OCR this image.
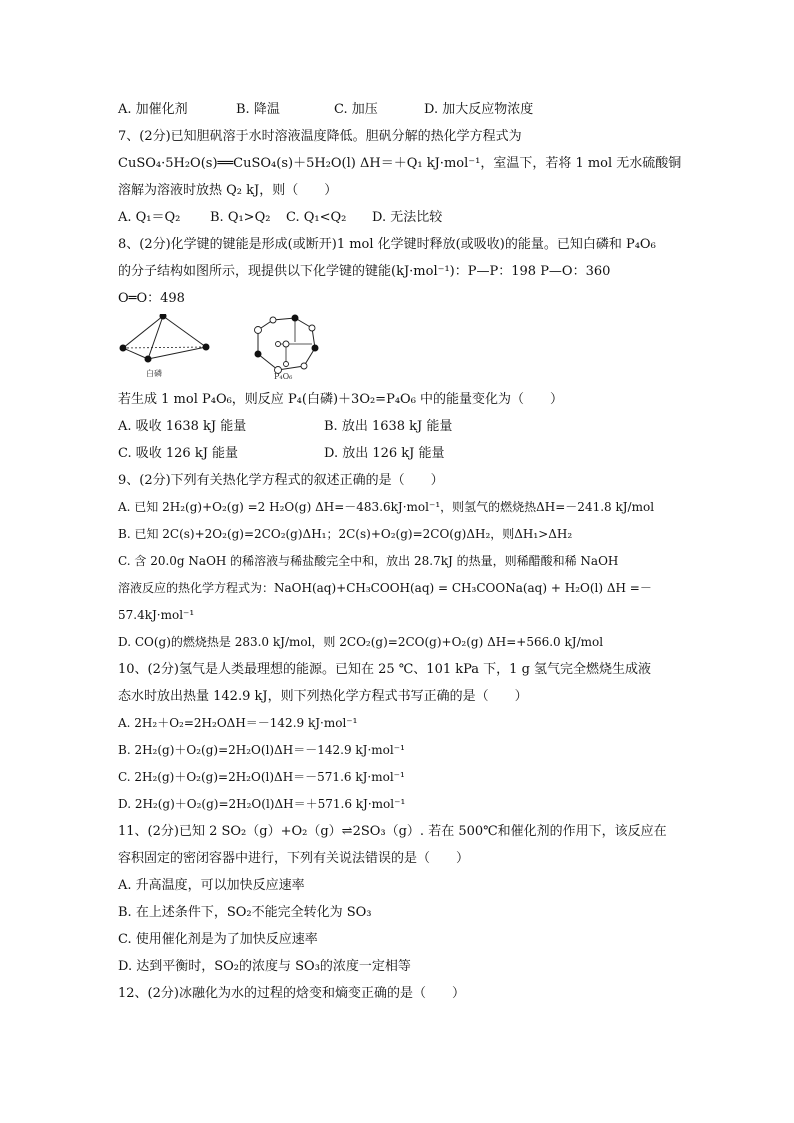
A. 加催化剂	B. 降温	C. 加压	D. 加大反应物浓度
7、(2分)已知胆矾溶于水时溶液温度降低。胆矾分解的热化学方程式为
CuSO₄·5H₂O(s)══CuSO₄(s)＋5H₂O(l) ΔH＝＋Q₁ kJ·mol⁻¹，室温下，若将 1 mol 无水硫酸铜
溶解为溶液时放热 Q₂ kJ，则（　　）
A. Q₁＝Q₂ B. Q₁>Q₂ C. Q₁<Q₂ D. 无法比较
8、(2分)化学键的键能是形成(或断开)1 mol 化学键时释放(或吸收)的能量。已知白磷和 P₄O₆
的分子结构如图所示，现提供以下化学键的键能(kJ·mol⁻¹)：P—P：198 P—O：360
O═O：498
白磷	P₄O₆
若生成 1 mol P₄O₆，则反应 P₄(白磷)＋3O₂=P₄O₆ 中的能量变化为（　　）
A. 吸收 1638 kJ 能量	B. 放出 1638 kJ 能量
C. 吸收 126 kJ 能量	D. 放出 126 kJ 能量
9、(2分)下列有关热化学方程式的叙述正确的是（　　）
A. 已知 2H₂(g)+O₂(g) =2 H₂O(g) ΔH=－483.6kJ·mol⁻¹，则氢气的燃烧热ΔH=－241.8 kJ/mol
B. 已知 2C(s)+2O₂(g)=2CO₂(g)ΔH₁；2C(s)+O₂(g)=2CO(g)ΔH₂，则ΔH₁>ΔH₂
C. 含 20.0g NaOH 的稀溶液与稀盐酸完全中和，放出 28.7kJ 的热量，则稀醋酸和稀 NaOH
溶液反应的热化学方程式为：NaOH(aq)+CH₃COOH(aq) = CH₃COONa(aq) + H₂O(l) ΔH =－
57.4kJ·mol⁻¹
D. CO(g)的燃烧热是 283.0 kJ/mol，则 2CO₂(g)=2CO(g)+O₂(g) ΔH=+566.0 kJ/mol
10、(2分)氢气是人类最理想的能源。已知在 25 ℃、101 kPa 下，1 g 氢气完全燃烧生成液
态水时放出热量 142.9 kJ，则下列热化学方程式书写正确的是（　　）
A. 2H₂＋O₂=2H₂OΔH＝－142.9 kJ·mol⁻¹
B. 2H₂(g)＋O₂(g)=2H₂O(l)ΔH＝－142.9 kJ·mol⁻¹
C. 2H₂(g)＋O₂(g)=2H₂O(l)ΔH＝－571.6 kJ·mol⁻¹
D. 2H₂(g)＋O₂(g)=2H₂O(l)ΔH＝＋571.6 kJ·mol⁻¹
11、(2分)已知 2 SO₂（g）+O₂（g）⇌2SO₃（g）. 若在 500℃和催化剂的作用下，该反应在
容积固定的密闭容器中进行，下列有关说法错误的是（　　）
A. 升高温度，可以加快反应速率
B. 在上述条件下，SO₂不能完全转化为 SO₃
C. 使用催化剂是为了加快反应速率
D. 达到平衡时，SO₂的浓度与 SO₃的浓度一定相等
12、(2分)冰融化为水的过程的焓变和熵变正确的是（　　）
